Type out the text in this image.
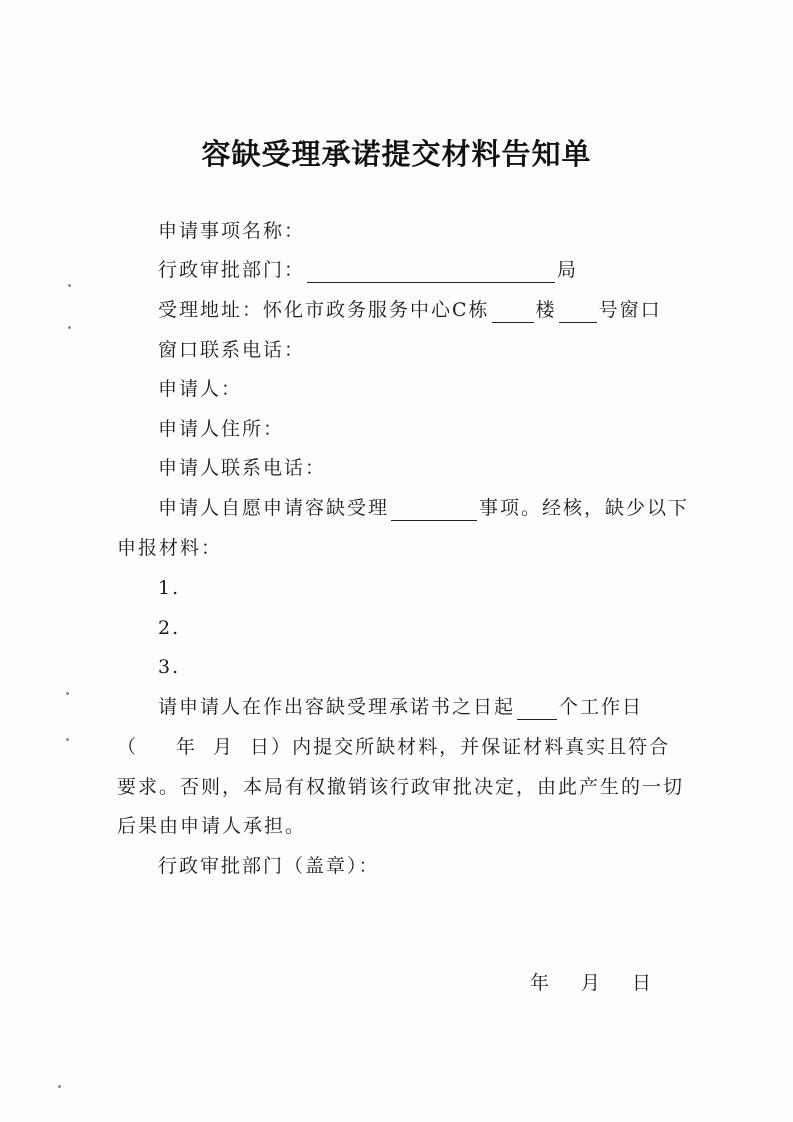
容缺受理承诺提交材料告知单
申请事项名称：
行政审批部门：	局
受理地址：怀化市政务服务中心C栋 楼 号窗口
窗口联系电话：
申请人：
申请人住所：
申请人联系电话：
申请人自愿申请容缺受理	事项。经核，缺少以下
申报材料：
1.
2.
3.
请申请人在作出容缺受理承诺书之日起 个工作日
（ 年 月 日）内提交所缺材料，并保证材料真实且符合
要求。否则，本局有权撤销该行政审批决定，由此产生的一切
后果由申请人承担。
行政审批部门（盖章）：
年 月 日
